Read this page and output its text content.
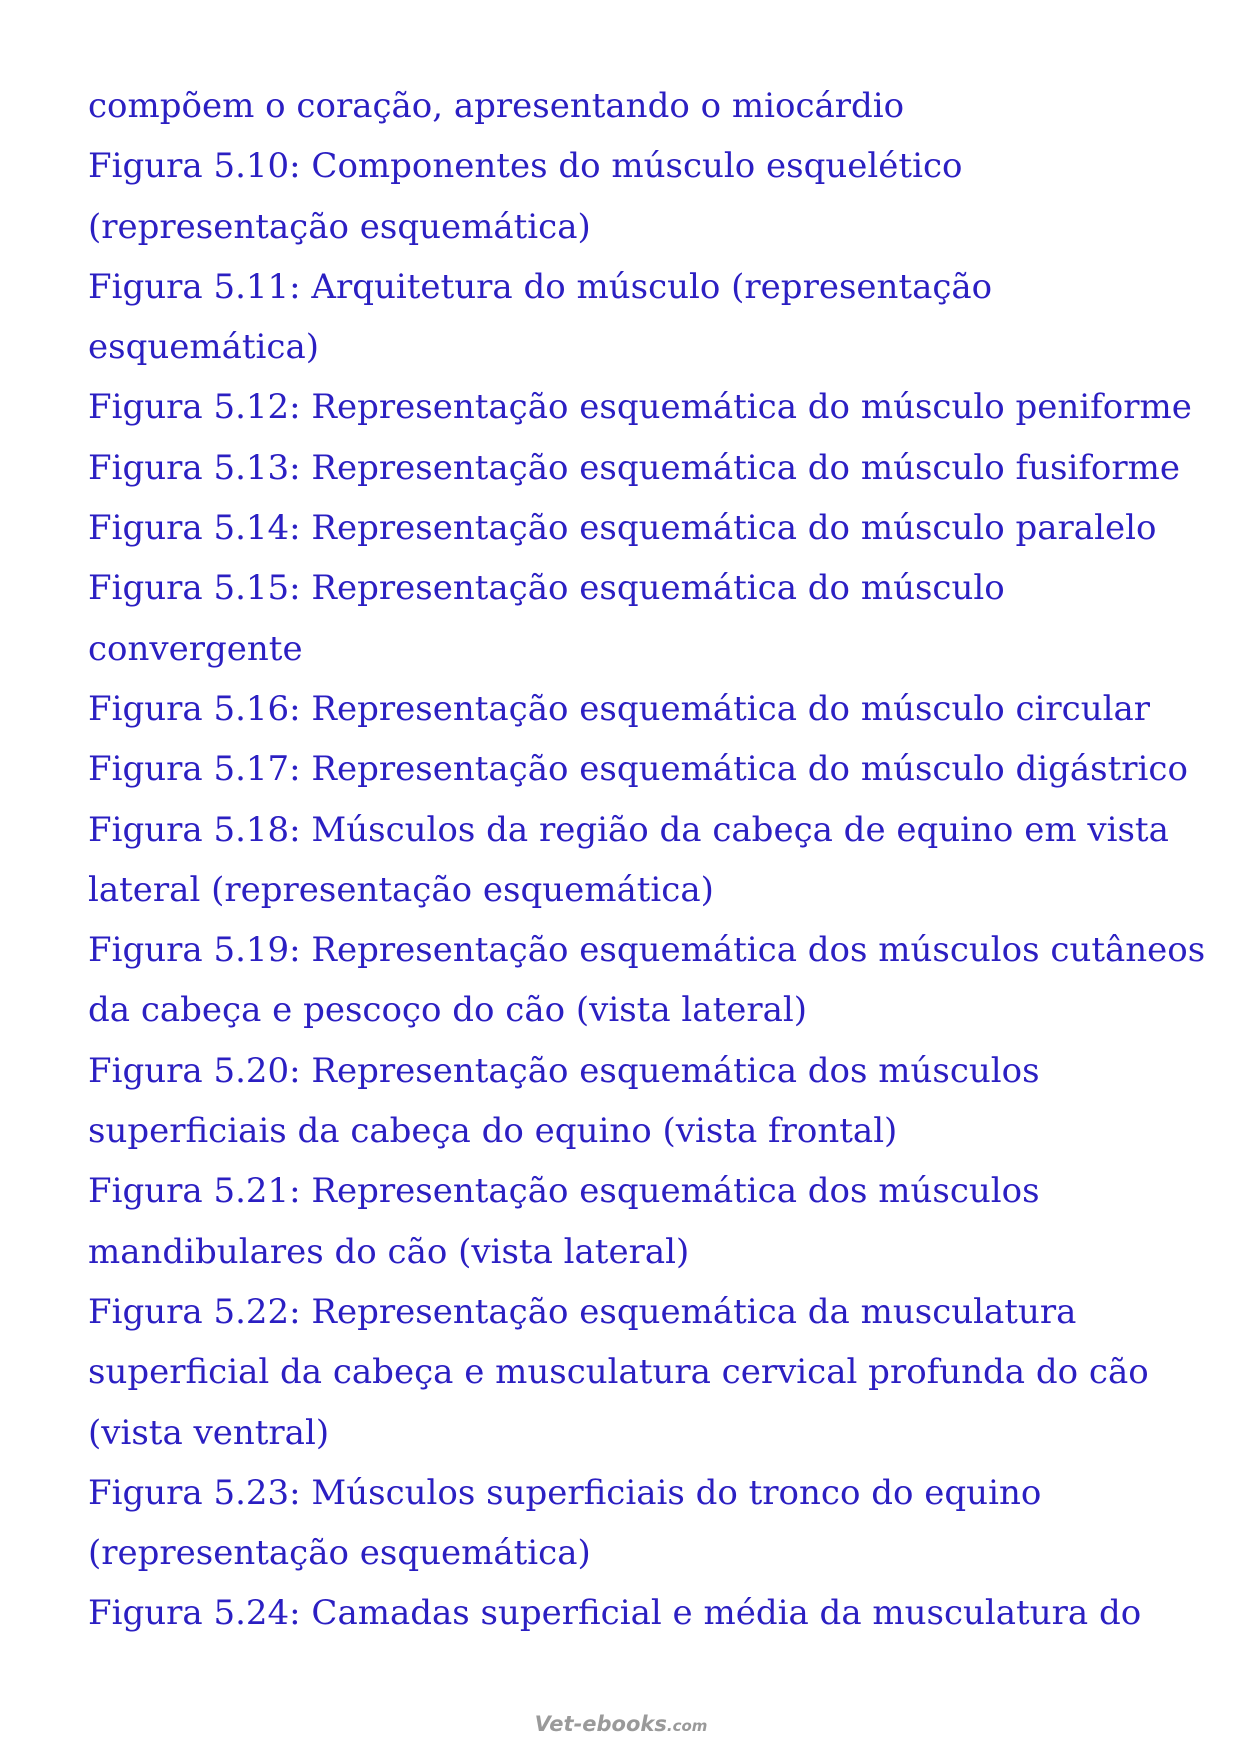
compõem o coração, apresentando o miocárdio
Figura 5.10: Componentes do músculo esquelético
(representação esquemática)
Figura 5.11: Arquitetura do músculo (representação
esquemática)
Figura 5.12: Representação esquemática do músculo peniforme
Figura 5.13: Representação esquemática do músculo fusiforme
Figura 5.14: Representação esquemática do músculo paralelo
Figura 5.15: Representação esquemática do músculo
convergente
Figura 5.16: Representação esquemática do músculo circular
Figura 5.17: Representação esquemática do músculo digástrico
Figura 5.18: Músculos da região da cabeça de equino em vista
lateral (representação esquemática)
Figura 5.19: Representação esquemática dos músculos cutâneos
da cabeça e pescoço do cão (vista lateral)
Figura 5.20: Representação esquemática dos músculos
superficiais da cabeça do equino (vista frontal)
Figura 5.21: Representação esquemática dos músculos
mandibulares do cão (vista lateral)
Figura 5.22: Representação esquemática da musculatura
superficial da cabeça e musculatura cervical profunda do cão
(vista ventral)
Figura 5.23: Músculos superficiais do tronco do equino
(representação esquemática)
Figura 5.24: Camadas superficial e média da musculatura do
Vet-ebooks.com
